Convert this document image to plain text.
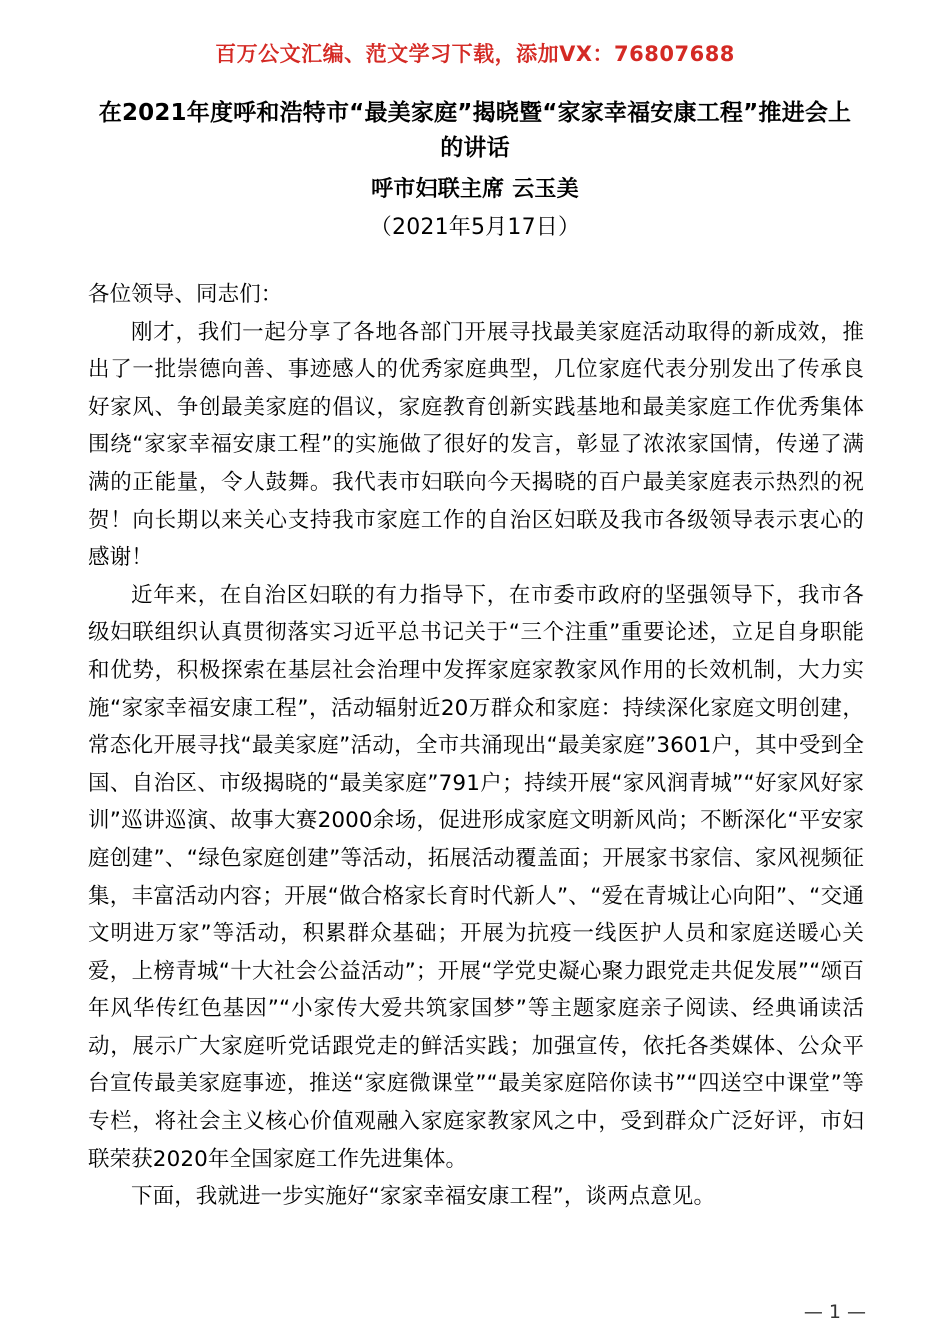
百万公文汇编、范文学习下载，添加VX：76807688
在2021年度呼和浩特市“最美家庭”揭晓暨“家家幸福安康工程”推进会上的讲话
呼市妇联主席 云玉美
（2021年5月17日）

各位领导、同志们：

刚才，我们一起分享了各地各部门开展寻找最美家庭活动取得的新成效，推出了一批崇德向善、事迹感人的优秀家庭典型，几位家庭代表分别发出了传承良好家风、争创最美家庭的倡议，家庭教育创新实践基地和最美家庭工作优秀集体围绕“家家幸福安康工程”的实施做了很好的发言，彰显了浓浓家国情，传递了满满的正能量，令人鼓舞。我代表市妇联向今天揭晓的百户最美家庭表示热烈的祝贺！向长期以来关心支持我市家庭工作的自治区妇联及我市各级领导表示衷心的感谢！

近年来，在自治区妇联的有力指导下，在市委市政府的坚强领导下，我市各级妇联组织认真贯彻落实习近平总书记关于“三个注重”重要论述，立足自身职能和优势，积极探索在基层社会治理中发挥家庭家教家风作用的长效机制，大力实施“家家幸福安康工程”，活动辐射近20万群众和家庭：持续深化家庭文明创建，常态化开展寻找“最美家庭”活动，全市共涌现出“最美家庭”3601户，其中受到全国、自治区、市级揭晓的“最美家庭”791户；持续开展“家风润青城”“好家风好家训”巡讲巡演、故事大赛2000余场，促进形成家庭文明新风尚；不断深化“平安家庭创建”、“绿色家庭创建”等活动，拓展活动覆盖面；开展家书家信、家风视频征集，丰富活动内容；开展“做合格家长育时代新人”、“爱在青城让心向阳”、“交通文明进万家”等活动，积累群众基础；开展为抗疫一线医护人员和家庭送暖心关爱，上榜青城“十大社会公益活动”；开展“学党史凝心聚力跟党走共促发展”“颂百年风华传红色基因”“小家传大爱共筑家国梦”等主题家庭亲子阅读、经典诵读活动，展示广大家庭听党话跟党走的鲜活实践；加强宣传，依托各类媒体、公众平台宣传最美家庭事迹，推送“家庭微课堂”“最美家庭陪你读书”“四送空中课堂”等专栏，将社会主义核心价值观融入家庭家教家风之中，受到群众广泛好评，市妇联荣获2020年全国家庭工作先进集体。

下面，我就进一步实施好“家家幸福安康工程”，谈两点意见。

— 1 —
